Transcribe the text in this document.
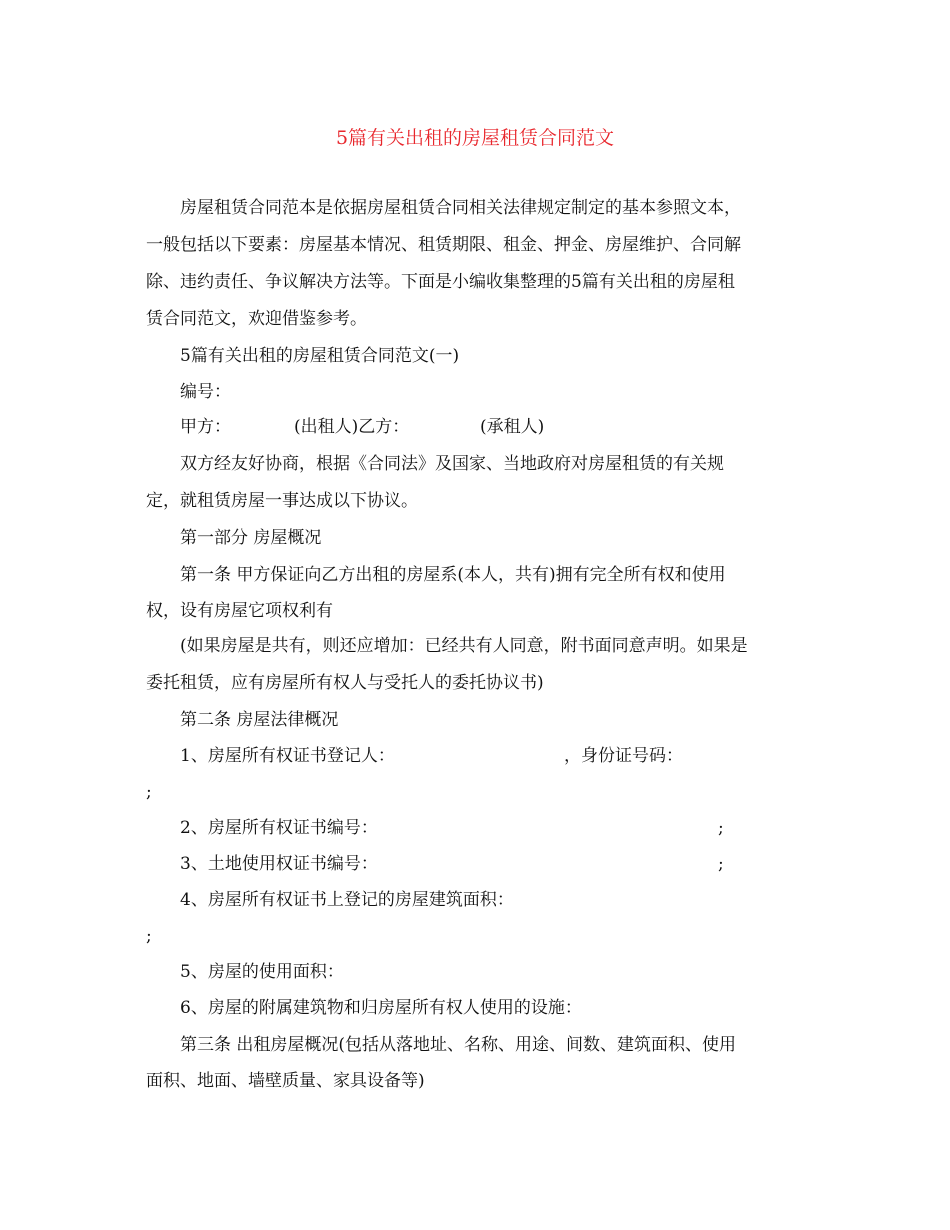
5篇有关出租的房屋租赁合同范文
房屋租赁合同范本是依据房屋租赁合同相关法律规定制定的基本参照文本，
一般包括以下要素：房屋基本情况、租赁期限、租金、押金、房屋维护、合同解
除、违约责任、争议解决方法等。下面是小编收集整理的5篇有关出租的房屋租
赁合同范文，欢迎借鉴参考。
5篇有关出租的房屋租赁合同范文(一)
编号：
甲方：	(出租人)乙方：	(承租人)
双方经友好协商，根据《合同法》及国家、当地政府对房屋租赁的有关规
定，就租赁房屋一事达成以下协议。
第一部分 房屋概况
第一条 甲方保证向乙方出租的房屋系(本人，共有)拥有完全所有权和使用
权，设有房屋它项权利有
(如果房屋是共有，则还应增加：已经共有人同意，附书面同意声明。如果是
委托租赁，应有房屋所有权人与受托人的委托协议书)
第二条 房屋法律概况
1、房屋所有权证书登记人：	，身份证号码：
;
2、房屋所有权证书编号：	;
3、土地使用权证书编号：	;
4、房屋所有权证书上登记的房屋建筑面积：
;
5、房屋的使用面积：
6、房屋的附属建筑物和归房屋所有权人使用的设施：
第三条 出租房屋概况(包括从落地址、名称、用途、间数、建筑面积、使用
面积、地面、墙壁质量、家具设备等)
